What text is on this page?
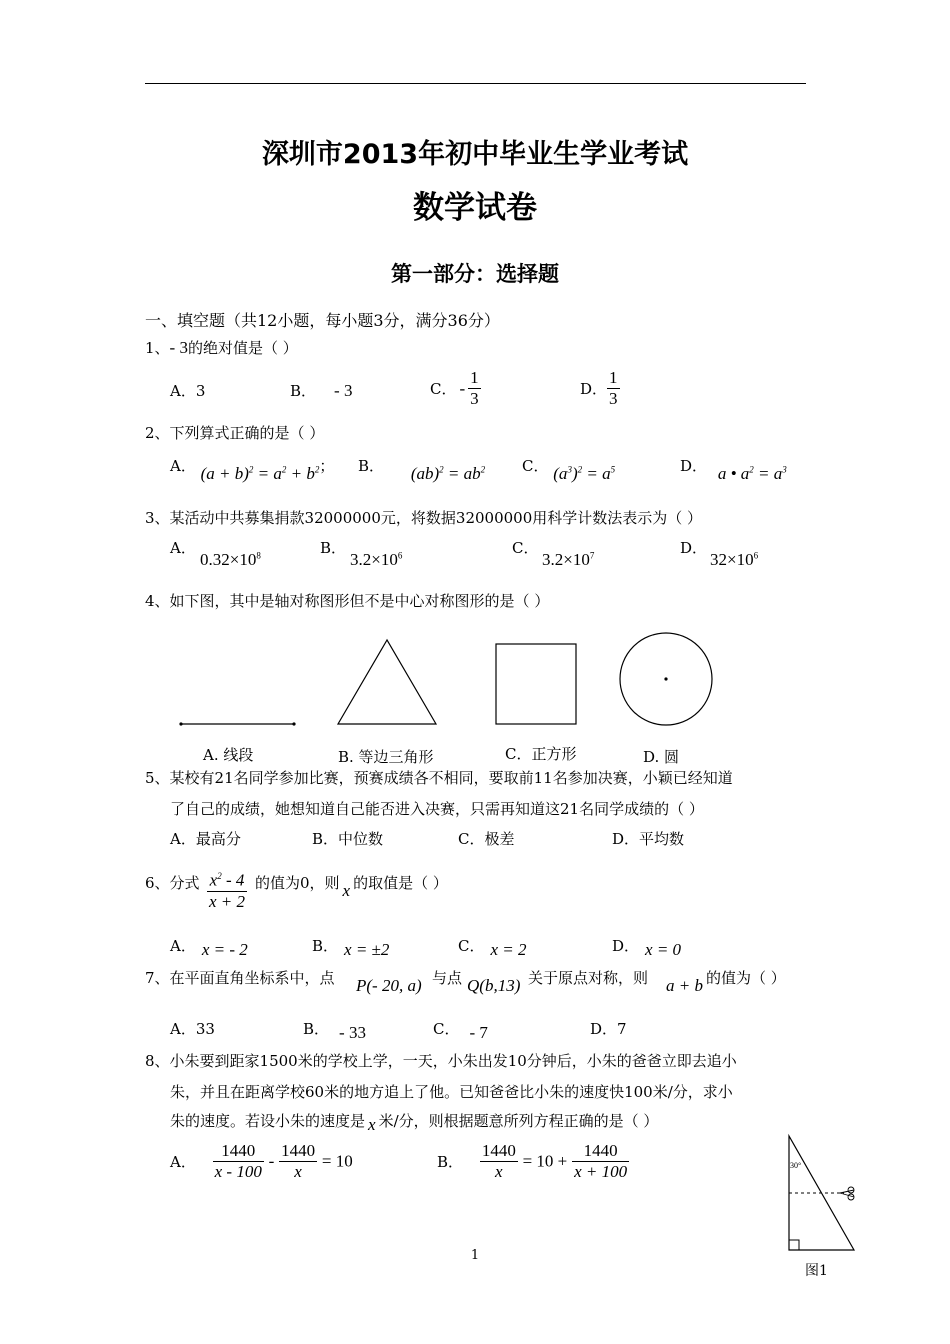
深圳市2013年初中毕业生学业考试
数学试卷
第一部分：选择题
一、填空题（共12小题，每小题3分，满分36分）
1、- 3的绝对值是（ ）
A．3	B． - 3	C． - $\frac{1}{3}$	D． $\frac{1}{3}$
2、下列算式正确的是（ ）
A． $(a + b)^2 = a^2 + b^2$； B． $(ab)^2 = ab^2$ C． $(a^3)^2 = a^5$	D． a • $a^2 = a^3$
3、某活动中共募集捐款32000000元，将数据32000000用科学计数法表示为（ ）
A．
$0.32\times 10^8$	B．
$3.2\times 10^6$	C．
$3.2\times 10^7$	D．
$32\times 10^6$
4、如下图，其中是轴对称图形但不是中心对称图形的是（ ）
A. 线段	B. 等边三角形	C．正方形	D. 圆
5、某校有21名同学参加比赛，预赛成绩各不相同，要取前11名参加决赛，小颖已经知道
了自己的成绩，她想知道自己能否进入决赛，只需再知道这21名同学成绩的（ ）
A．最高分	B．中位数	C．极差	D．平均数
6、分式 $\frac{x^2 - 4}{x + 2}$ 的值为0，则 x 的取值是（ ）
A． x = - 2	B． x = ±2	C． x = 2	D． x = 0
7、在平面直角坐标系中，点 P(- 20, a) 与点 Q(b,13) 关于原点对称，则 a + b 的值为（ ）
A．33	B． - 33	C． - 7	D．7
8、小朱要到距家1500米的学校上学，一天，小朱出发10分钟后，小朱的爸爸立即去追小
朱，并且在距离学校60米的地方追上了他。已知爸爸比小朱的速度快100米/分，求小
朱的速度。若设小朱的速度是 x 米/分，则根据题意所列方程正确的是（ ）
A． $\frac{1440}{x - 100} - \frac{1440}{x} = 10$	B． $\frac{1440}{x} = 10 + \frac{1440}{x + 100}$	30°
图1
1
